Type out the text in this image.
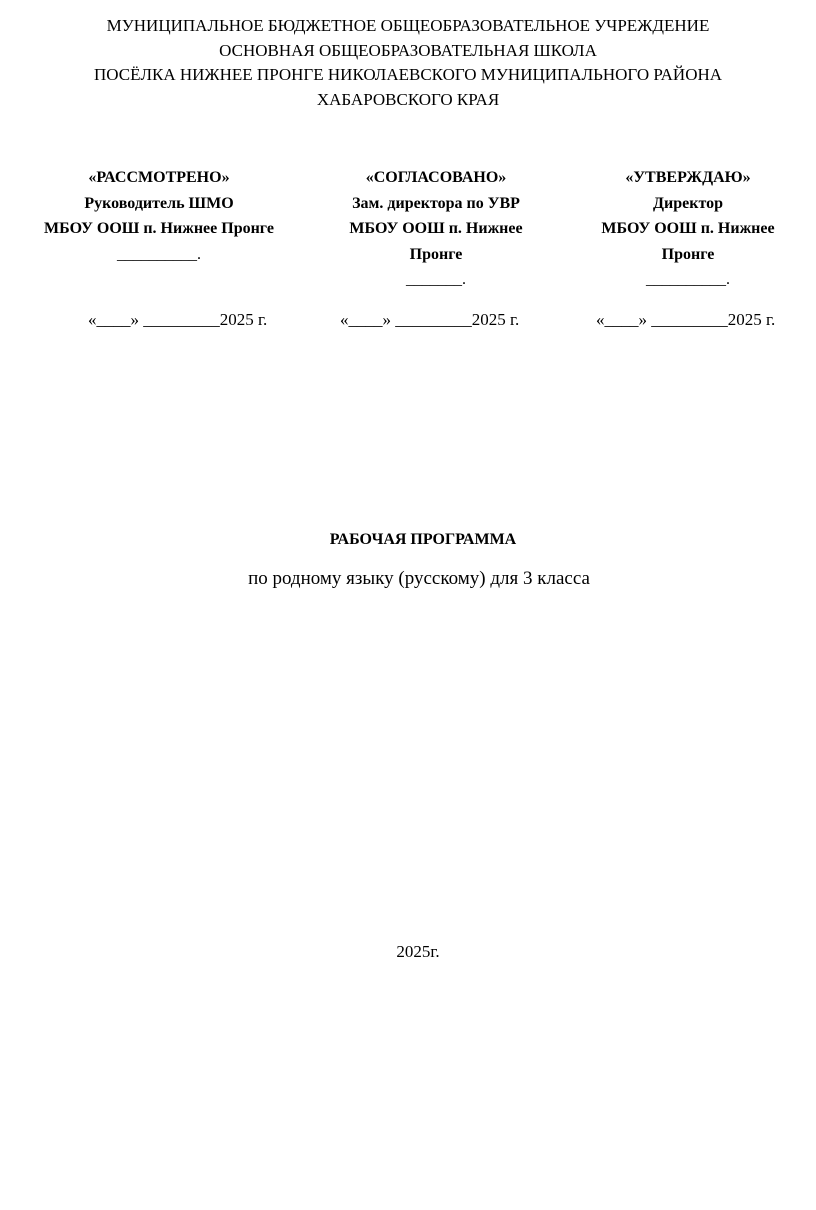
МУНИЦИПАЛЬНОЕ БЮДЖЕТНОЕ ОБЩЕОБРАЗОВАТЕЛЬНОЕ УЧРЕЖДЕНИЕ
ОСНОВНАЯ ОБЩЕОБРАЗОВАТЕЛЬНАЯ ШКОЛА
ПОСЁЛКА НИЖНЕЕ ПРОНГЕ НИКОЛАЕВСКОГО МУНИЦИПАЛЬНОГО РАЙОНА
ХАБАРОВСКОГО КРАЯ
«РАССМОТРЕНО»
Руководитель ШМО
МБОУ ООШ п. Нижнее Пронге
__________.
«СОГЛАСОВАНО»
Зам. директора по УВР
МБОУ ООШ п. Нижнее
Пронге
_______.
«УТВЕРЖДАЮ»
Директор
МБОУ ООШ п. Нижнее
Пронге
__________.
«____» _________2025 г.	«____» _________2025 г.	«____» _________2025 г.
РАБОЧАЯ ПРОГРАММА
по родному языку (русскому) для 3 класса
2025г.
